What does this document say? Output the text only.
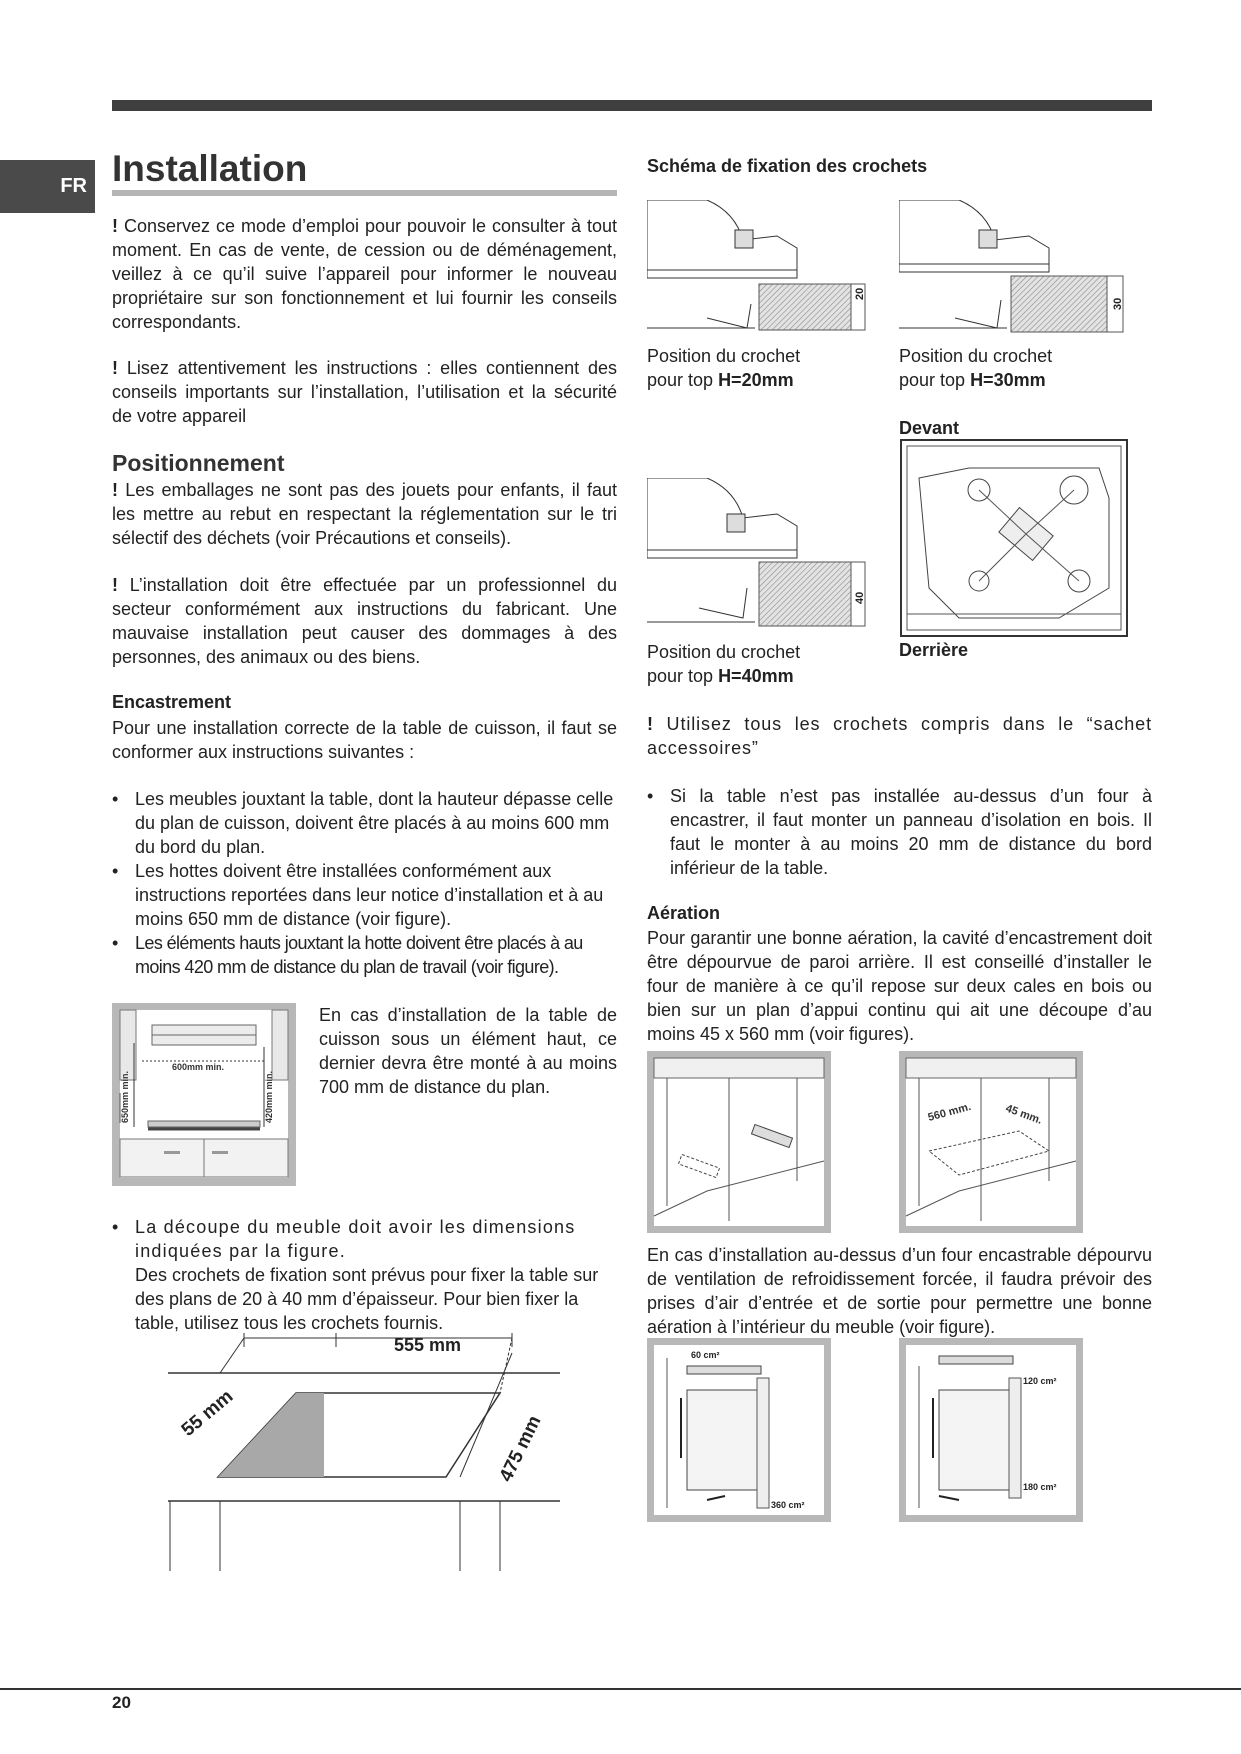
FR Installation
! Conservez ce mode d’emploi pour pouvoir le consulter à tout moment. En cas de vente, de cession ou de déménagement, veillez à ce qu’il suive l’appareil pour informer le nouveau propriétaire sur son fonctionnement et lui fournir les conseils correspondants.
! Lisez attentivement les instructions : elles contiennent des conseils importants sur l’installation, l’utilisation et la sécurité de votre appareil
Positionnement
! Les emballages ne sont pas des jouets pour enfants, il faut les mettre au rebut en respectant la réglementation sur le tri sélectif des déchets (voir Précautions et conseils).
! L’installation doit être effectuée par un professionnel du secteur conformément aux instructions du fabricant. Une mauvaise installation peut causer des dommages à des personnes, des animaux ou des biens.
Encastrement
Pour une installation correcte de la table de cuisson, il faut se conformer aux instructions suivantes :
• Les meubles jouxtant la table, dont la hauteur dépasse celle du plan de cuisson, doivent être placés à au moins 600 mm du bord du plan.
• Les hottes doivent être installées conformément aux instructions reportées dans leur notice d’installation et à au moins 650 mm de distance (voir figure).
• Les éléments hauts jouxtant la hotte doivent être placés à au moins 420 mm de distance du plan de travail (voir figure).
600mm min.
650mm min.	420mm min.
En cas d’installation de la table de cuisson sous un élément haut, ce dernier devra être monté à au moins 700 mm de distance du plan.
• La découpe du meuble doit avoir les dimensions indiquées par la figure.
Des crochets de fixation sont prévus pour fixer la table sur des plans de 20 à 40 mm d’épaisseur. Pour bien fixer la table, utilisez tous les crochets fournis.
555 mm
55 mm	475 mm
Schéma de fixation des crochets
20
Position du crochet
pour top H=20mm
30
Position du crochet
pour top H=30mm
40
Position du crochet
pour top H=40mm
Devant
Derrière
! Utilisez tous les crochets compris dans le “sachet accessoires”
• Si la table n’est pas installée au-dessus d’un four à encastrer, il faut monter un panneau d’isolation en bois. Il faut le monter à au moins 20 mm de distance du bord inférieur de la table.
Aération
Pour garantir une bonne aération, la cavité d’encastrement doit être dépourvue de paroi arrière. Il est conseillé d’installer le four de manière à ce qu’il repose sur deux cales en bois ou bien sur un plan d’appui continu qui ait une découpe d’au moins 45 x 560 mm (voir figures).
560 mm.	45 mm.
En cas d’installation au-dessus d’un four encastrable dépourvu de ventilation de refroidissement forcée, il faudra prévoir des prises d’air d’entrée et de sortie pour permettre une bonne aération à l’intérieur du meuble (voir figure).
60 cm²
360 cm²
120 cm²
180 cm²
20
